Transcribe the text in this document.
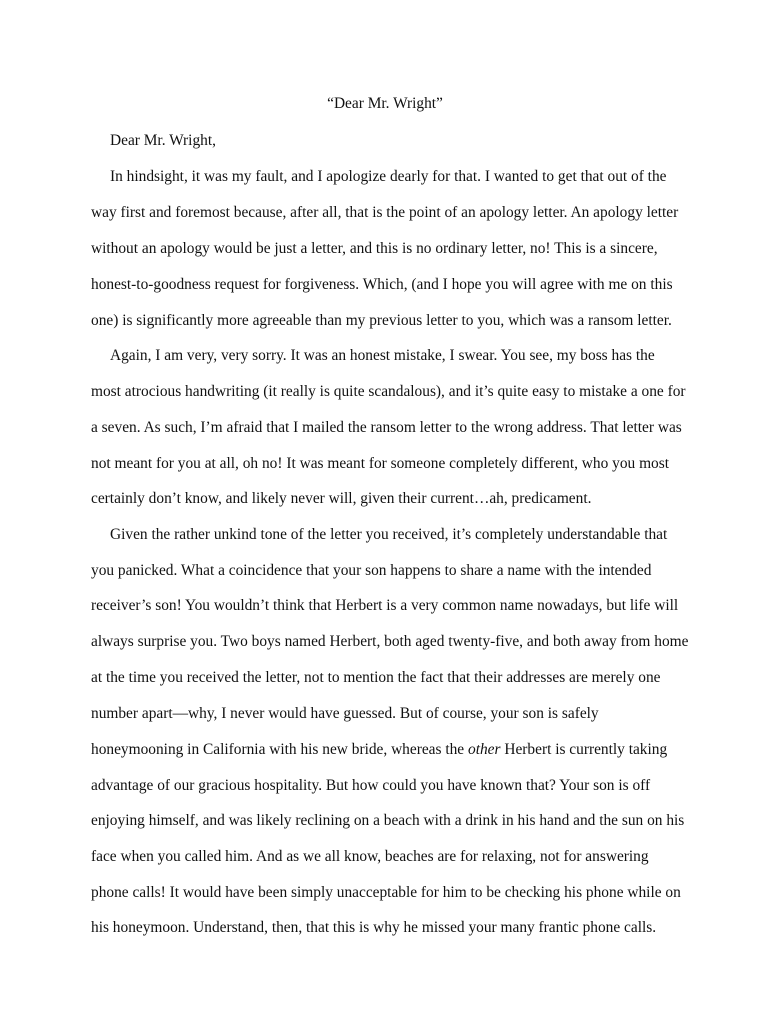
“Dear Mr. Wright”
Dear Mr. Wright,
In hindsight, it was my fault, and I apologize dearly for that. I wanted to get that out of the
way first and foremost because, after all, that is the point of an apology letter. An apology letter
without an apology would be just a letter, and this is no ordinary letter, no! This is a sincere,
honest-to-goodness request for forgiveness. Which, (and I hope you will agree with me on this
one) is significantly more agreeable than my previous letter to you, which was a ransom letter.
Again, I am very, very sorry. It was an honest mistake, I swear. You see, my boss has the
most atrocious handwriting (it really is quite scandalous), and it’s quite easy to mistake a one for
a seven. As such, I’m afraid that I mailed the ransom letter to the wrong address. That letter was
not meant for you at all, oh no! It was meant for someone completely different, who you most
certainly don’t know, and likely never will, given their current…ah, predicament.
Given the rather unkind tone of the letter you received, it’s completely understandable that
you panicked. What a coincidence that your son happens to share a name with the intended
receiver’s son! You wouldn’t think that Herbert is a very common name nowadays, but life will
always surprise you. Two boys named Herbert, both aged twenty-five, and both away from home
at the time you received the letter, not to mention the fact that their addresses are merely one
number apart—why, I never would have guessed. But of course, your son is safely
honeymooning in California with his new bride, whereas the other Herbert is currently taking
advantage of our gracious hospitality. But how could you have known that? Your son is off
enjoying himself, and was likely reclining on a beach with a drink in his hand and the sun on his
face when you called him. And as we all know, beaches are for relaxing, not for answering
phone calls! It would have been simply unacceptable for him to be checking his phone while on
his honeymoon. Understand, then, that this is why he missed your many frantic phone calls.
